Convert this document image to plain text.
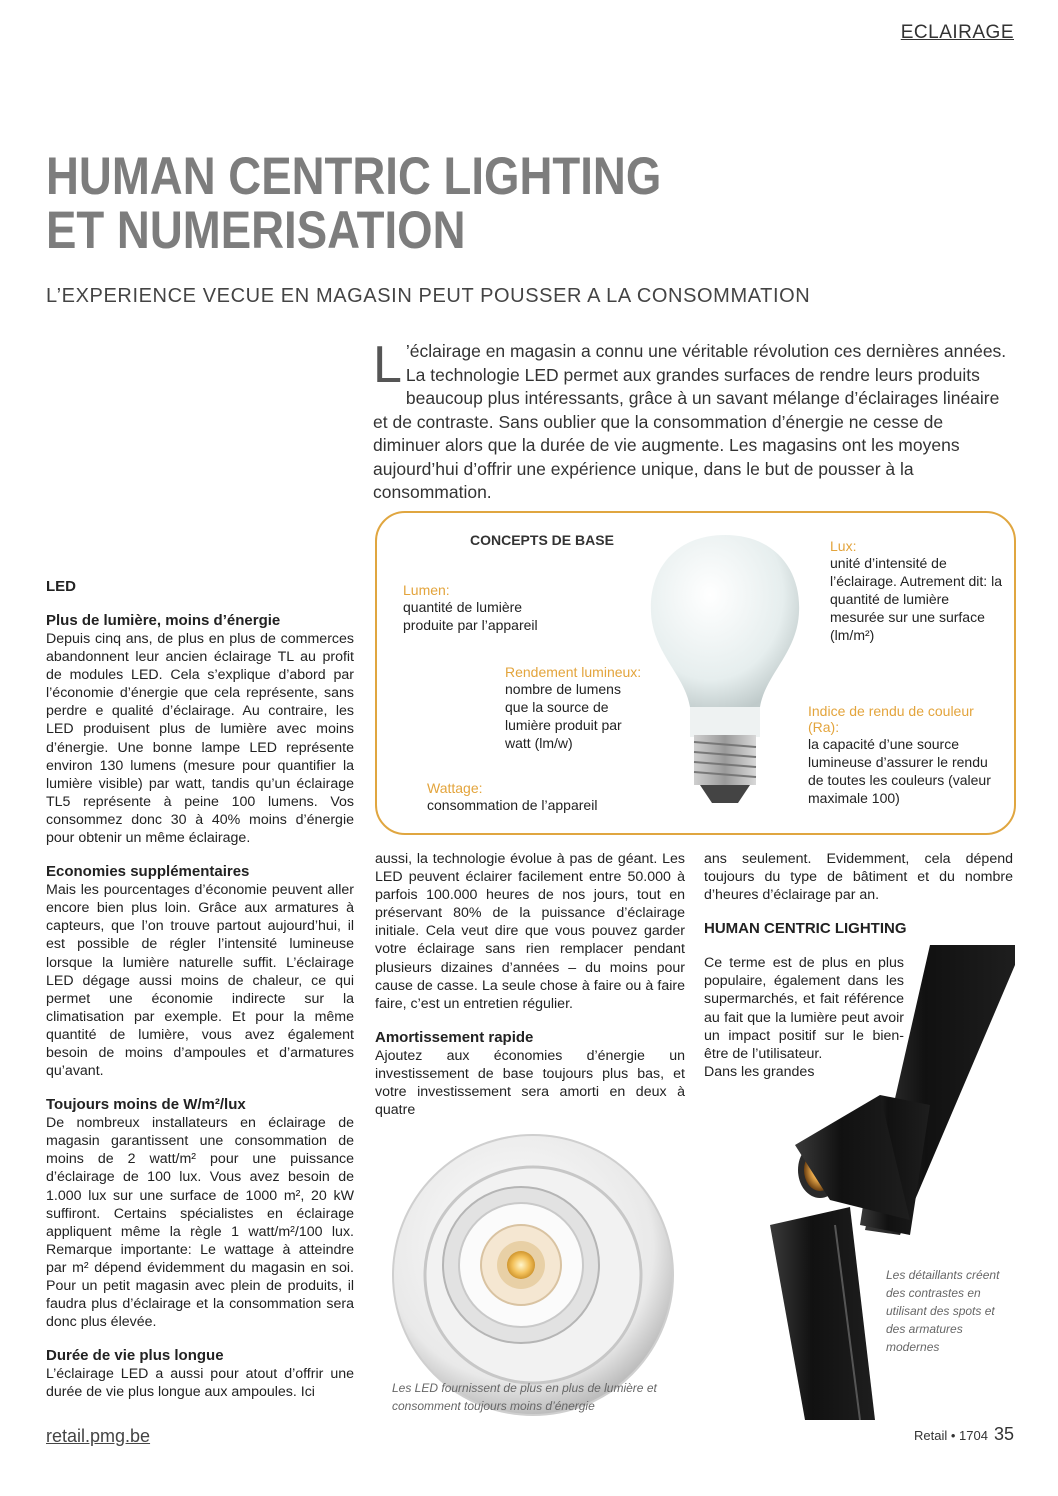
ECLAIRAGE
HUMAN CENTRIC LIGHTING
ET NUMERISATION
L’EXPERIENCE VECUE EN MAGASIN PEUT POUSSER A LA CONSOMMATION
L ’éclairage en magasin a connu une véritable révolution ces dernières années. La technologie LED permet aux grandes surfaces de rendre leurs produits beaucoup plus intéressants, grâce à un savant mélange d’éclairages linéaire et de contraste. Sans oublier que la consommation d’énergie ne cesse de diminuer alors que la durée de vie augmente. Les magasins ont les moyens aujourd’hui d’offrir une expérience unique, dans le but de pousser à la consommation.
LED
Plus de lumière, moins d’énergie

Depuis cinq ans, de plus en plus de commerces abandonnent leur ancien éclairage TL au profit de modules LED. Cela s’explique d’abord par l’économie d’énergie que cela représente, sans perdre e qualité d’éclairage. Au contraire, les LED produisent plus de lumière avec moins d’énergie. Une bonne lampe LED représente environ 130 lumens (mesure pour quantifier la lumière visible) par watt, tandis qu’un éclairage TL5 représente à peine 100 lumens. Vos consommez donc 30 à 40% moins d’énergie pour obtenir un même éclairage.

Economies supplémentaires

Mais les pourcentages d’économie peuvent aller encore bien plus loin. Grâce aux armatures à capteurs, que l’on trouve partout aujourd’hui, il est possible de régler l’intensité lumineuse lorsque la lumière naturelle suffit. L’éclairage LED dégage aussi moins de chaleur, ce qui permet une économie indirecte sur la climatisation par exemple. Et pour la même quantité de lumière, vous avez également besoin de moins d’ampoules et d’armatures qu’avant.

Toujours moins de W/m²/lux

De nombreux installateurs en éclairage de magasin garantissent une consommation de moins de 2 watt/m² pour une puissance d’éclairage de 100 lux. Vous avez besoin de 1.000 lux sur une surface de 1000 m², 20 kW suffiront. Certains spécialistes en éclairage appliquent même la règle 1 watt/m²/100 lux. Remarque importante: Le wattage à atteindre par m² dépend évidemment du magasin en soi. Pour un petit magasin avec plein de produits, il faudra plus d’éclairage et la consommation sera donc plus élevée.

Durée de vie plus longue

L’éclairage LED a aussi pour atout d’offrir une durée de vie plus longue aux ampoules. Ici

CONCEPTS DE BASE
Lumen:
quantité de lumière produite par l’appareil
Rendement lumineux:
nombre de lumens que la source de lumière produit par watt (lm/w)
Wattage:
consommation de l’appareil
Lux:
unité d’intensité de l’éclairage. Autrement dit: la quantité de lumière mesurée sur une surface (lm/m²)
Indice de rendu de couleur (Ra):
la capacité d’une source lumineuse d’assurer le rendu de toutes les couleurs (valeur maximale 100)

aussi, la technologie évolue à pas de géant. Les LED peuvent éclairer facilement entre 50.000 à parfois 100.000 heures de nos jours, tout en préservant 80% de la puissance d’éclairage initiale. Cela veut dire que vous pouvez garder votre éclairage sans rien remplacer pendant plusieurs dizaines d’années – du moins pour cause de casse. La seule chose à faire ou à faire faire, c’est un entretien régulier.

Amortissement rapide

Ajoutez aux économies d’énergie un investissement de base toujours plus bas, et votre investissement sera amorti en deux à quatre

Les LED fournissent de plus en plus de lumière et consomment toujours moins d’énergie

ans seulement. Evidemment, cela dépend toujours du type de bâtiment et du nombre d’heures d’éclairage par an.

HUMAN CENTRIC LIGHTING

Ce terme est de plus en plus populaire, également dans les supermarchés, et fait référence au fait que la lumière peut avoir un impact positif sur le bien-être de l’utilisateur.

Dans les grandes

Les détaillants créent des contrastes en utilisant des spots et des armatures modernes
retail.pmg.be	Retail • 1704 35
